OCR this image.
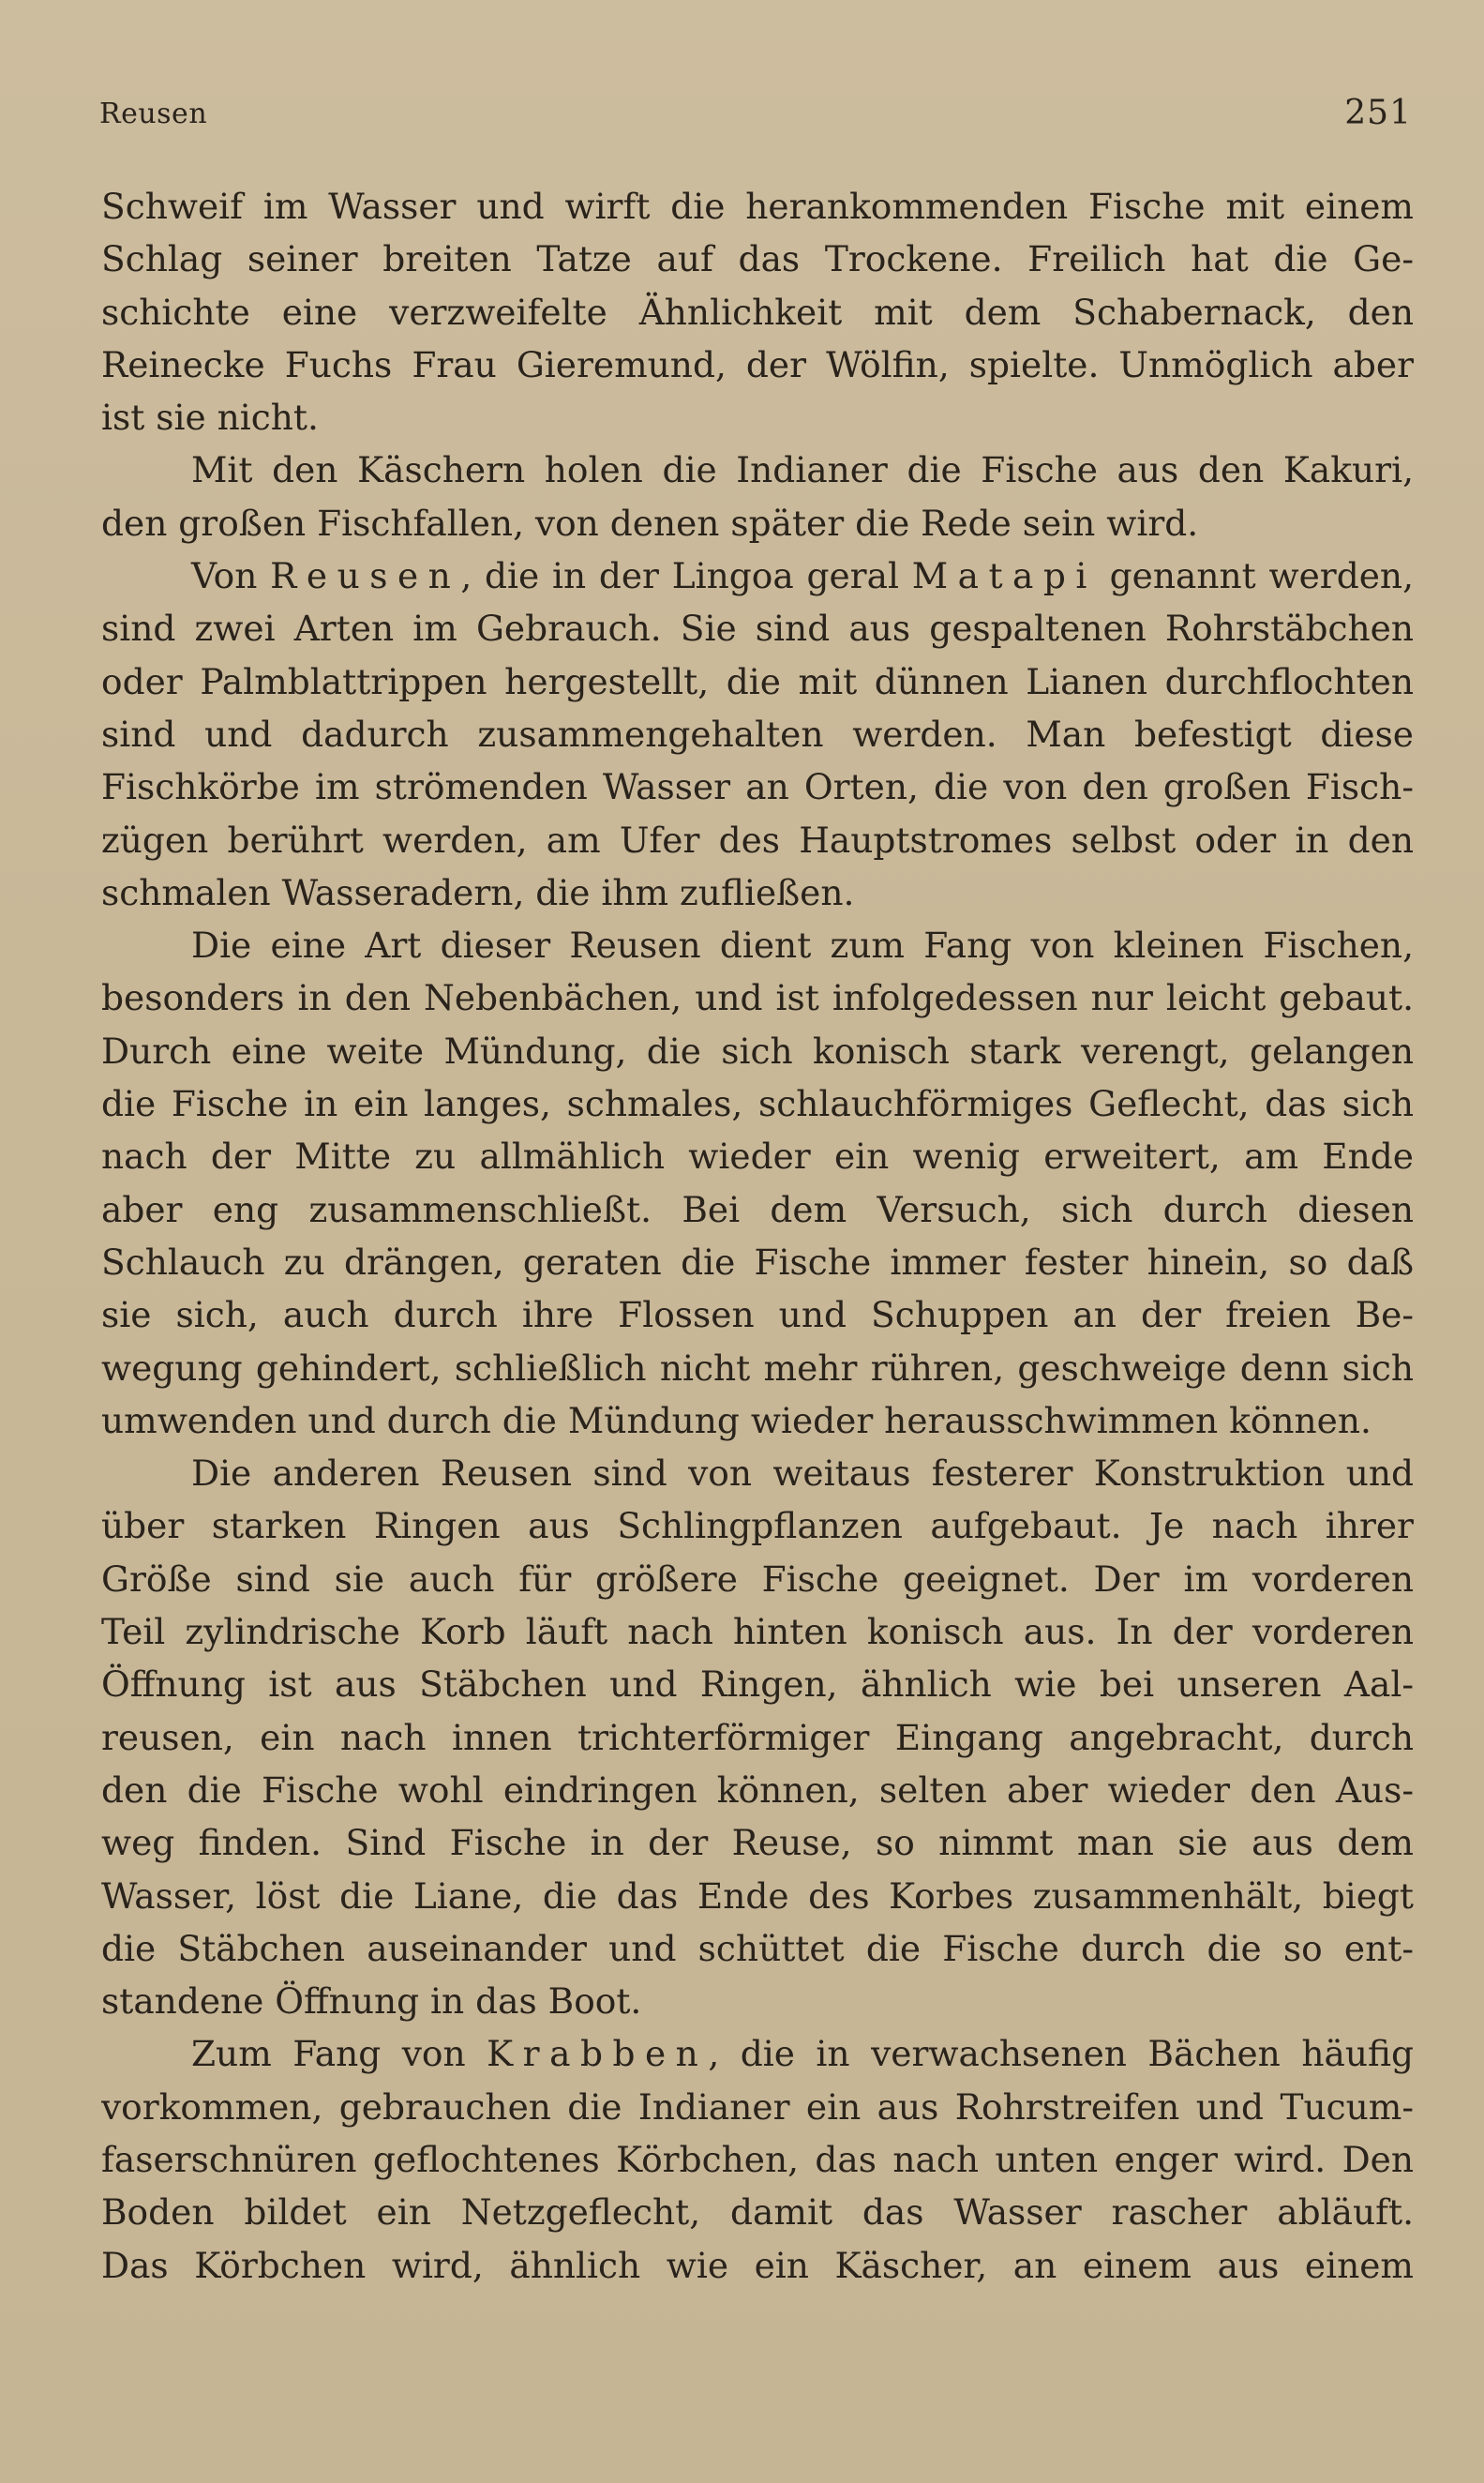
Reusen	251
Schweif im Wasser und wirft die herankommenden Fische mit einem
Schlag seiner breiten Tatze auf das Trockene. Freilich hat die Ge-
schichte eine verzweifelte Ähnlichkeit mit dem Schabernack, den
Reinecke Fuchs Frau Gieremund, der Wölfin, spielte. Unmöglich aber
ist sie nicht.
Mit den Käschern holen die Indianer die Fische aus den Kakuri,
den großen Fischfallen, von denen später die Rede sein wird.
Von Reusen, die in der Lingoa geral Matapi genannt werden,
sind zwei Arten im Gebrauch. Sie sind aus gespaltenen Rohrstäbchen
oder Palmblattrippen hergestellt, die mit dünnen Lianen durchflochten
sind und dadurch zusammengehalten werden. Man befestigt diese
Fischkörbe im strömenden Wasser an Orten, die von den großen Fisch-
zügen berührt werden, am Ufer des Hauptstromes selbst oder in den
schmalen Wasseradern, die ihm zufließen.
Die eine Art dieser Reusen dient zum Fang von kleinen Fischen,
besonders in den Nebenbächen, und ist infolgedessen nur leicht gebaut.
Durch eine weite Mündung, die sich konisch stark verengt, gelangen
die Fische in ein langes, schmales, schlauchförmiges Geflecht, das sich
nach der Mitte zu allmählich wieder ein wenig erweitert, am Ende
aber eng zusammenschließt. Bei dem Versuch, sich durch diesen
Schlauch zu drängen, geraten die Fische immer fester hinein, so daß
sie sich, auch durch ihre Flossen und Schuppen an der freien Be-
wegung gehindert, schließlich nicht mehr rühren, geschweige denn sich
umwenden und durch die Mündung wieder herausschwimmen können.
Die anderen Reusen sind von weitaus festerer Konstruktion und
über starken Ringen aus Schlingpflanzen aufgebaut. Je nach ihrer
Größe sind sie auch für größere Fische geeignet. Der im vorderen
Teil zylindrische Korb läuft nach hinten konisch aus. In der vorderen
Öffnung ist aus Stäbchen und Ringen, ähnlich wie bei unseren Aal-
reusen, ein nach innen trichterförmiger Eingang angebracht, durch
den die Fische wohl eindringen können, selten aber wieder den Aus-
weg finden. Sind Fische in der Reuse, so nimmt man sie aus dem
Wasser, löst die Liane, die das Ende des Korbes zusammenhält, biegt
die Stäbchen auseinander und schüttet die Fische durch die so ent-
standene Öffnung in das Boot.
Zum Fang von Krabben, die in verwachsenen Bächen häufig
vorkommen, gebrauchen die Indianer ein aus Rohrstreifen und Tucum-
faserschnüren geflochtenes Körbchen, das nach unten enger wird. Den
Boden bildet ein Netzgeflecht, damit das Wasser rascher abläuft.
Das Körbchen wird, ähnlich wie ein Käscher, an einem aus einem
